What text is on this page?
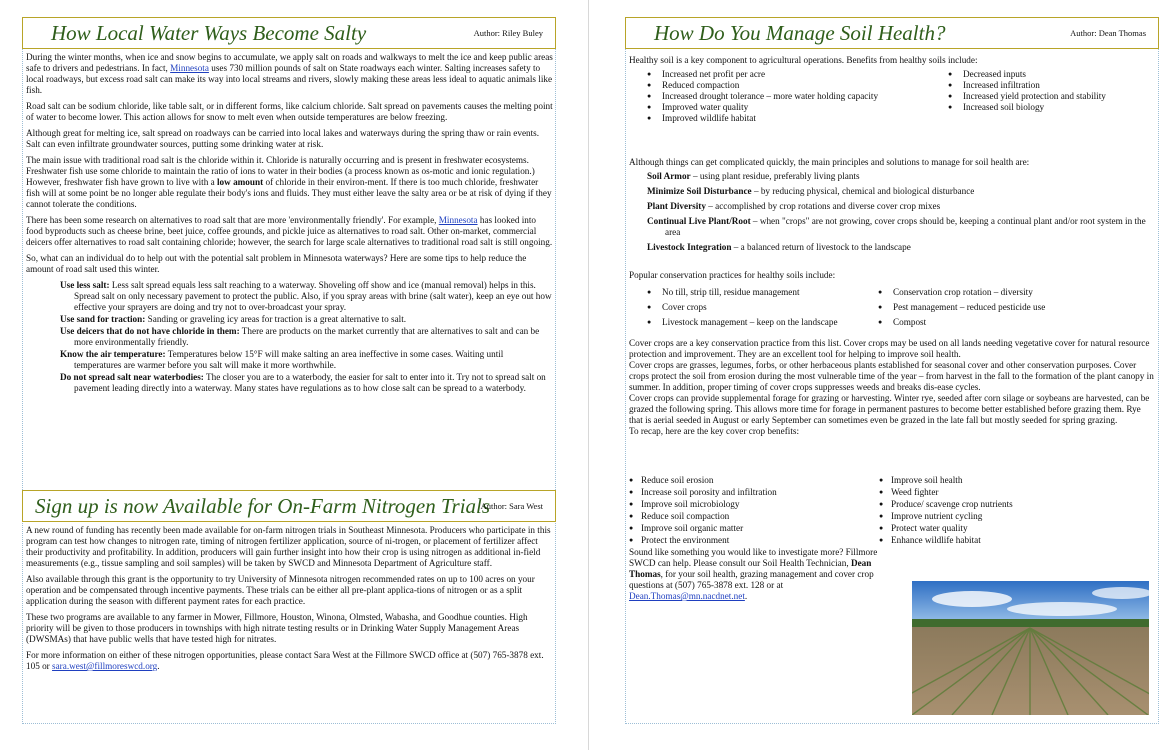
How Local Water Ways Become Salty	Author: Riley Buley

During the winter months, when ice and snow begins to accumulate, we apply salt on roads and walkways to melt the ice and keep public areas safe to drivers and pedestrians. In fact, Minnesota uses 730 million pounds of salt on State roadways each winter. Salting increases safety to local roadways, but excess road salt can make its way into local streams and rivers, slowly making these areas less ideal to aquatic animals like fish.

Road salt can be sodium chloride, like table salt, or in different forms, like calcium chloride. Salt spread on pavements causes the melting point of water to become lower. This action allows for snow to melt even when outside temperatures are below freezing.

Although great for melting ice, salt spread on roadways can be carried into local lakes and waterways during the spring thaw or rain events. Salt can even infiltrate groundwater sources, putting some drinking water at risk.

The main issue with traditional road salt is the chloride within it. Chloride is naturally occurring and is present in freshwater ecosystems. Freshwater fish use some chloride to maintain the ratio of ions to water in their bodies (a process known as os-motic and ionic regulation.) However, freshwater fish have grown to live with a low amount of chloride in their environ-ment. If there is too much chloride, freshwater fish will at some point be no longer able regulate their body's ions and fluids. They must either leave the salty area or be at risk of dying if they cannot tolerate the conditions.

There has been some research on alternatives to road salt that are more 'environmentally friendly'. For example, Minnesota has looked into food byproducts such as cheese brine, beet juice, coffee grounds, and pickle juice as alternatives to road salt. Other on-market, commercial deicers offer alternatives to road salt containing chloride; however, the search for large scale alternatives to traditional road salt is still ongoing.

So, what can an individual do to help out with the potential salt problem in Minnesota waterways? Here are some tips to help reduce the amount of road salt used this winter.

Use less salt: Less salt spread equals less salt reaching to a waterway. Shoveling off show and ice (manual removal) helps in this. Spread salt on only necessary pavement to protect the public. Also, if you spray areas with brine (salt water), keep an eye out how effective your sprayers are doing and try not to over-broadcast your spray.
Use sand for traction: Sanding or graveling icy areas for traction is a great alternative to salt.
Use deicers that do not have chloride in them: There are products on the market currently that are alternatives to salt and can be more environmentally friendly.
Know the air temperature: Temperatures below 15°F will make salting an area ineffective in some cases. Waiting until temperatures are warmer before you salt will make it more worthwhile.
Do not spread salt near waterbodies: The closer you are to a waterbody, the easier for salt to enter into it. Try not to spread salt on pavement leading directly into a waterway. Many states have regulations as to how close salt can be spread to a waterbody.
Sign up is now Available for On-Farm Nitrogen Trials
Author: Sara West

A new round of funding has recently been made available for on-farm nitrogen trials in Southeast Minnesota. Producers who participate in this program can test how changes to nitrogen rate, timing of nitrogen fertilizer application, source of ni-trogen, or placement of fertilizer affect their productivity and profitability. In addition, producers will gain further insight into how their crop is using nitrogen as additional in-field measurements (e.g., tissue sampling and soil samples) will be taken by SWCD and Minnesota Department of Agriculture staff.

Also available through this grant is the opportunity to try University of Minnesota nitrogen recommended rates on up to 100 acres on your operation and be compensated through incentive payments. These trials can be either all pre-plant applica-tions of nitrogen or as a split application during the season with different payment rates for each practice.

These two programs are available to any farmer in Mower, Fillmore, Houston, Winona, Olmsted, Wabasha, and Goodhue counties. High priority will be given to those producers in townships with high nitrate testing results or in Drinking Water Supply Management Areas (DWSMAs) that have public wells that have tested high for nitrates.

For more information on either of these nitrogen opportunities, please contact Sara West at the Fillmore SWCD office at (507) 765-3878 ext. 105 or sara.west@fillmoreswcd.org.

How Do You Manage Soil Health?	Author: Dean Thomas
Healthy soil is a key component to agricultural operations. Benefits from healthy soils include:
● Increased net profit per acre
● Reduced compaction
● Increased drought tolerance – more water holding capacity
● Improved water quality
● Improved wildlife habitat
● Decreased inputs
● Increased infiltration
● Increased yield protection and stability
● Increased soil biology
Although things can get complicated quickly, the main principles and solutions to manage for soil health are:
Soil Armor – using plant residue, preferably living plants
Minimize Soil Disturbance – by reducing physical, chemical and biological disturbance
Plant Diversity – accomplished by crop rotations and diverse cover crop mixes
Continual Live Plant/Root – when "crops" are not growing, cover crops should be, keeping a continual plant and/or root system in the area
Livestock Integration – a balanced return of livestock to the landscape
Popular conservation practices for healthy soils include:
● No till, strip till, residue management
● Cover crops
● Livestock management – keep on the landscape
● Conservation crop rotation – diversity
● Pest management – reduced pesticide use
● Compost
Cover crops are a key conservation practice from this list. Cover crops may be used on all lands needing vegetative cover for natural resource protection and improvement. They are an excellent tool for helping to improve soil health.
Cover crops are grasses, legumes, forbs, or other herbaceous plants established for seasonal cover and other conservation purposes. Cover crops protect the soil from erosion during the most vulnerable time of the year – from harvest in the fall to the formation of the plant canopy in summer. In addition, proper timing of cover crops suppresses weeds and breaks dis-ease cycles.
Cover crops can provide supplemental forage for grazing or harvesting. Winter rye, seeded after corn silage or soybeans are harvested, can be grazed the following spring. This allows more time for forage in permanent pastures to become better established before grazing them. Rye that is aerial seeded in August or early September can sometimes even be grazed in the late fall but mostly seeded for spring grazing.
To recap, here are the key cover crop benefits:
● Reduce soil erosion
● Increase soil porosity and infiltration
● Improve soil microbiology
● Reduce soil compaction
● Improve soil organic matter
● Protect the environment
● Improve soil health
● Weed fighter
● Produce/ scavenge crop nutrients
● Improve nutrient cycling
● Protect water quality
● Enhance wildlife habitat
Sound like something you would like to investigate more? Fillmore SWCD can help. Please consult our Soil Health Technician, Dean Thomas, for your soil health, grazing management and cover crop questions at (507) 765-3878 ext. 128 or at Dean.Thomas@mn.nacdnet.net.
